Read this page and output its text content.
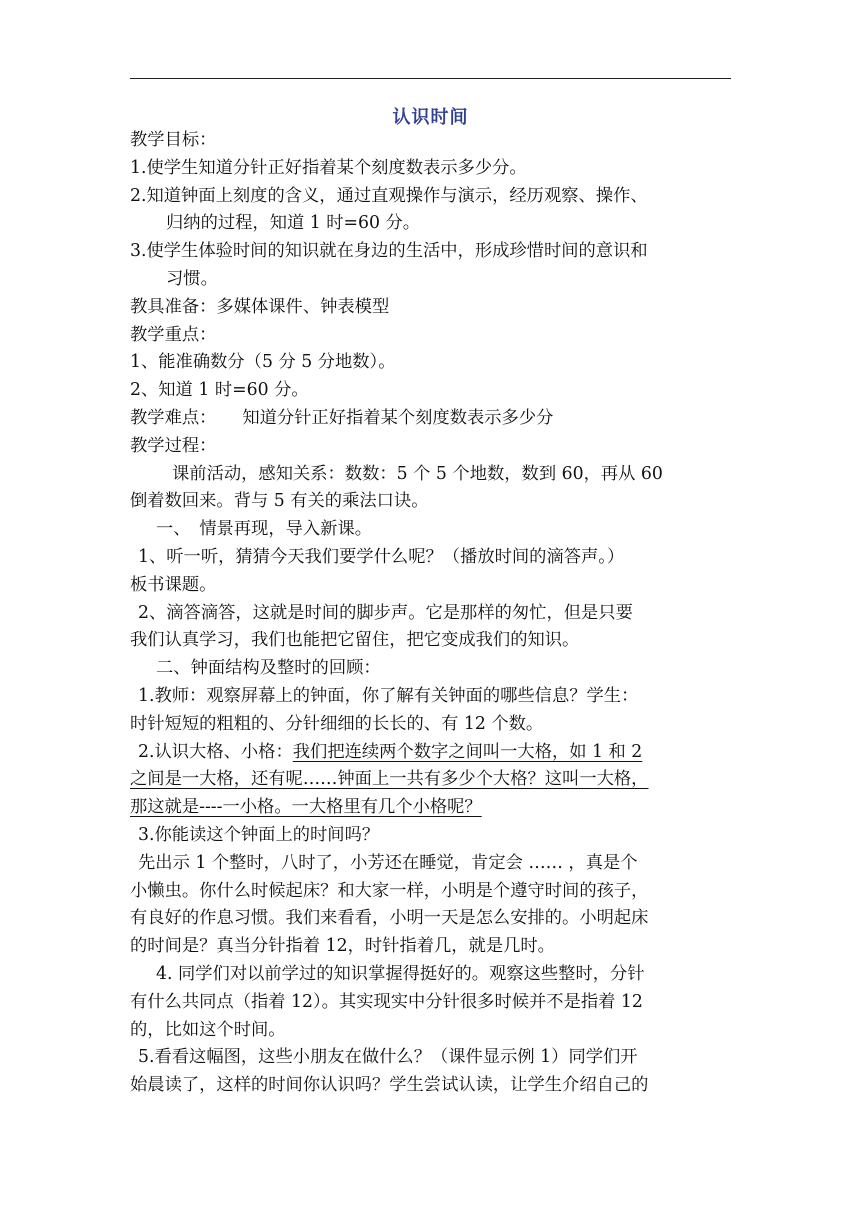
认识时间

教学目标：

1.使学生知道分针正好指着某个刻度数表示多少分。

2.知道钟面上刻度的含义，通过直观操作与演示，经历观察、操作、

归纳的过程，知道 1 时=60 分。

3.使学生体验时间的知识就在身边的生活中，形成珍惜时间的意识和

习惯。

教具准备：多媒体课件、钟表模型

教学重点：

1、能准确数分（5 分 5 分地数）。

2、知道 1 时=60 分。

教学难点：　　知道分针正好指着某个刻度数表示多少分

教学过程：

课前活动，感知关系：数数：5 个 5 个地数，数到 60，再从 60

倒着数回来。背与 5 有关的乘法口诀。

一、　情景再现，导入新课。

1、听一听，猜猜今天我们要学什么呢？（播放时间的滴答声。）

板书课题。

2、滴答滴答，这就是时间的脚步声。它是那样的匆忙，但是只要

我们认真学习，我们也能把它留住，把它变成我们的知识。

二、钟面结构及整时的回顾：

1.教师：观察屏幕上的钟面，你了解有关钟面的哪些信息？学生：

时针短短的粗粗的、分针细细的长长的、有 12 个数。

2.认识大格、小格：我们把连续两个数字之间叫一大格，如 1 和 2

之间是一大格，还有呢……钟面上一共有多少个大格？这叫一大格，

那这就是----一小格。一大格里有几个小格呢？

3.你能读这个钟面上的时间吗？

先出示 1 个整时，八时了，小芳还在睡觉，肯定会 …… ，真是个

小懒虫。你什么时候起床？和大家一样，小明是个遵守时间的孩子，

有良好的作息习惯。我们来看看，小明一天是怎么安排的。小明起床

的时间是？真当分针指着 12，时针指着几，就是几时。

4. 同学们对以前学过的知识掌握得挺好的。观察这些整时，分针

有什么共同点（指着 12）。其实现实中分针很多时候并不是指着 12

的，比如这个时间。

5.看看这幅图，这些小朋友在做什么？（课件显示例 1）同学们开

始晨读了，这样的时间你认识吗？学生尝试认读，让学生介绍自己的
